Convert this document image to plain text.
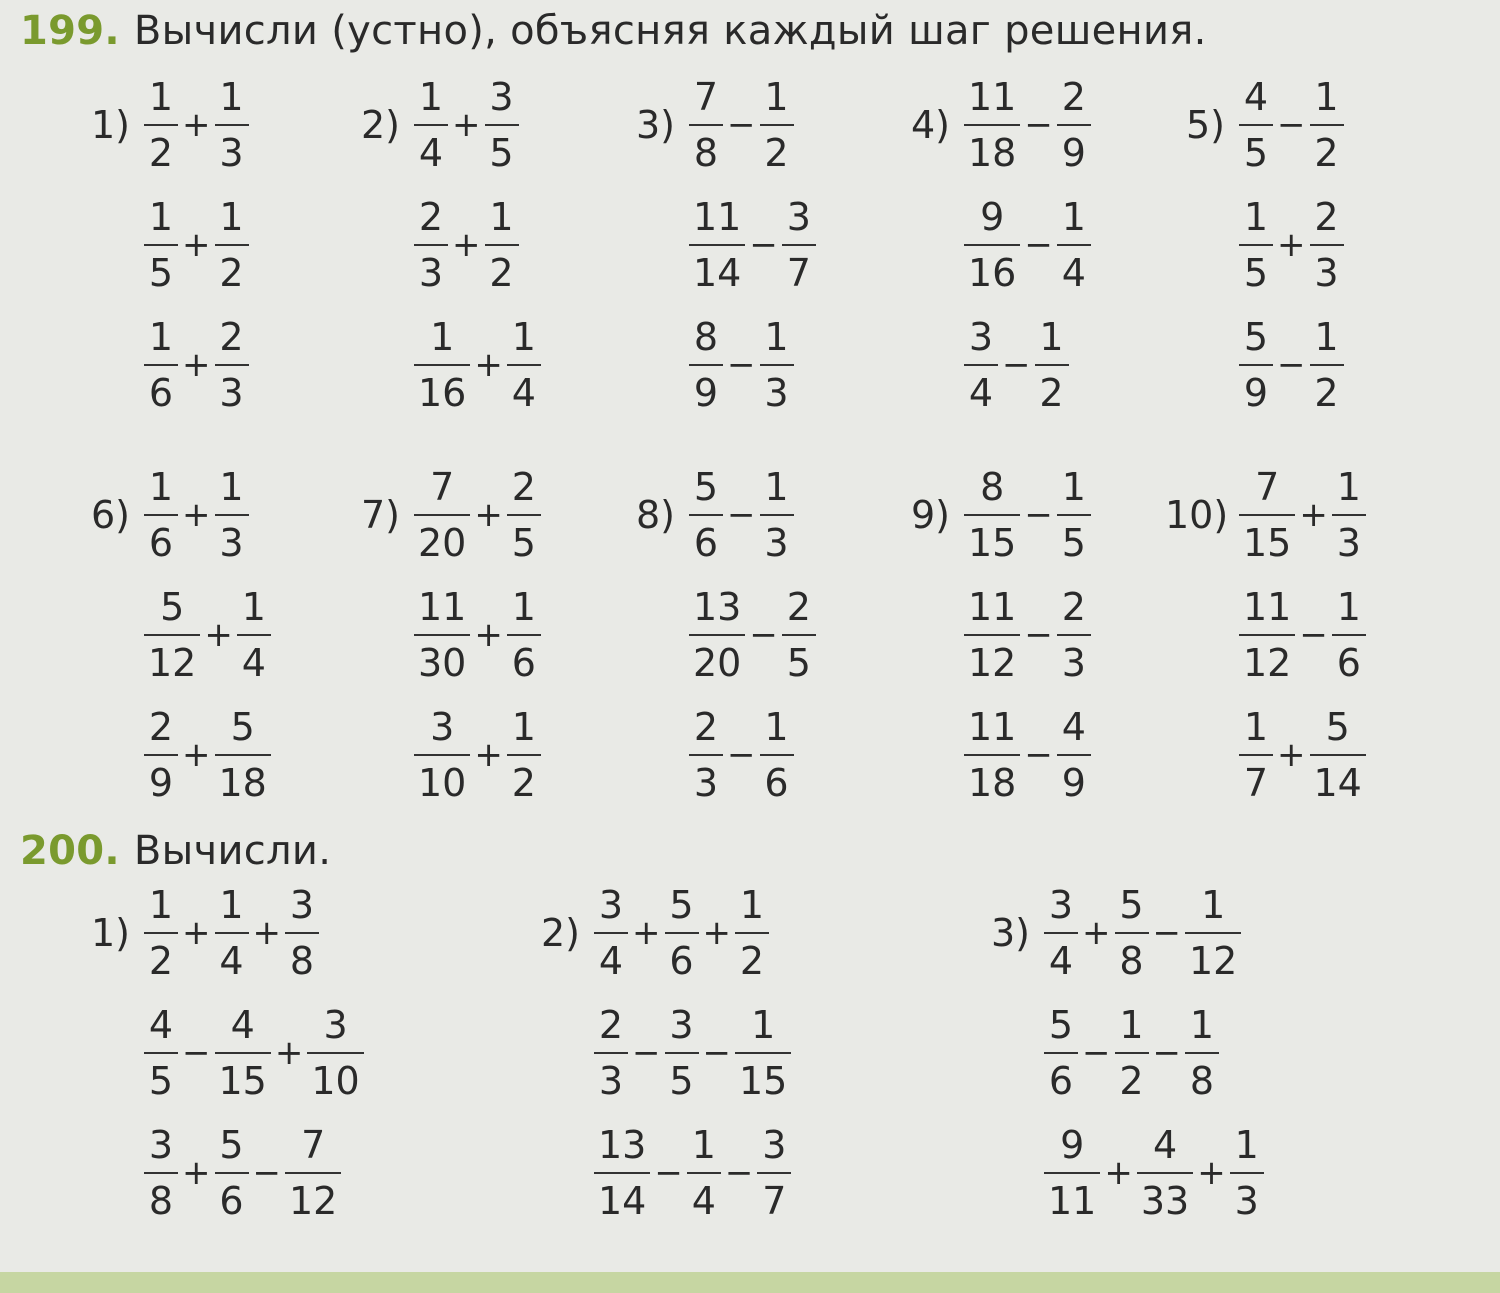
199. Вычисли (устно), объясняя каждый шаг решения.
200. Вычисли.
$1) \frac{1}{2} + \frac{1}{3}$
$\frac{1}{5} + \frac{1}{2}$
$\frac{1}{6} + \frac{2}{3}$
$2) \frac{1}{4} + \frac{3}{5}$
$\frac{2}{3} + \frac{1}{2}$
$\frac{1}{16} + \frac{1}{4}$
$3) \frac{7}{8} - \frac{1}{2}$
$\frac{11}{14} - \frac{3}{7}$
$\frac{8}{9} - \frac{1}{3}$
$4) \frac{11}{18} - \frac{2}{9}$
$\frac{9}{16} - \frac{1}{4}$
$\frac{3}{4} - \frac{1}{2}$
$5) \frac{4}{5} - \frac{1}{2}$
$\frac{1}{5} + \frac{2}{3}$
$\frac{5}{9} - \frac{1}{2}$
$6) \frac{1}{6} + \frac{1}{3}$
$\frac{5}{12} + \frac{1}{4}$
$\frac{2}{9} + \frac{5}{18}$
$7) \frac{7}{20} + \frac{2}{5}$
$\frac{11}{30} + \frac{1}{6}$
$\frac{3}{10} + \frac{1}{2}$
$8) \frac{5}{6} - \frac{1}{3}$
$\frac{13}{20} - \frac{2}{5}$
$\frac{2}{3} - \frac{1}{6}$
$9) \frac{8}{15} - \frac{1}{5}$
$\frac{11}{12} - \frac{2}{3}$
$\frac{11}{18} - \frac{4}{9}$
$10) \frac{7}{15} + \frac{1}{3}$
$\frac{11}{12} - \frac{1}{6}$
$\frac{1}{7} + \frac{5}{14}$
$1) \frac{1}{2} + \frac{1}{4} + \frac{3}{8}$
$\frac{4}{5} - \frac{4}{15} + \frac{3}{10}$
$\frac{3}{8} + \frac{5}{6} - \frac{7}{12}$
$2) \frac{3}{4} + \frac{5}{6} + \frac{1}{2}$
$\frac{2}{3} - \frac{3}{5} - \frac{1}{15}$
$\frac{13}{14} - \frac{1}{4} - \frac{3}{7}$
$3) \frac{3}{4} + \frac{5}{8} - \frac{1}{12}$
$\frac{5}{6} - \frac{1}{2} - \frac{1}{8}$
$\frac{9}{11} + \frac{4}{33} + \frac{1}{3}$
